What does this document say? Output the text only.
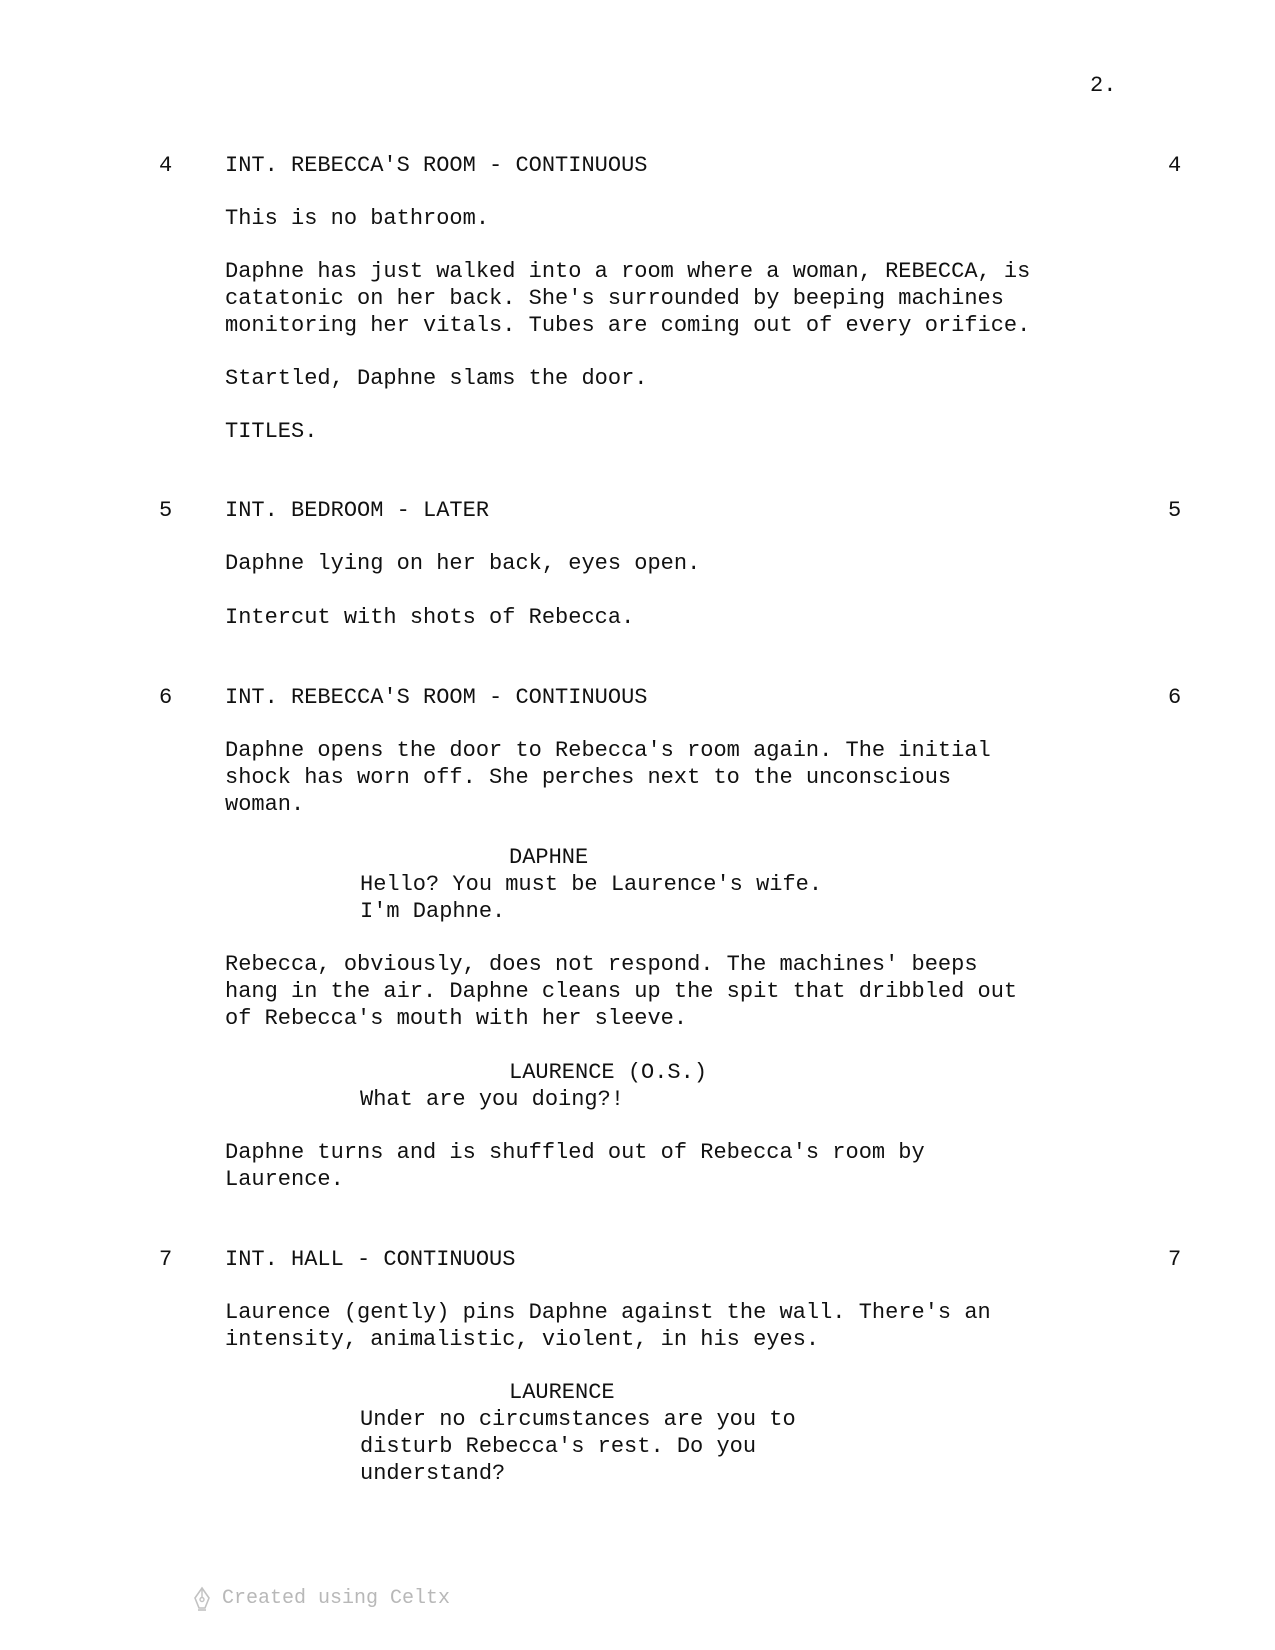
2.
4 INT. REBECCA'S ROOM - CONTINUOUS	4
This is no bathroom.
Daphne has just walked into a room where a woman, REBECCA, is
catatonic on her back. She's surrounded by beeping machines
monitoring her vitals. Tubes are coming out of every orifice.
Startled, Daphne slams the door.
TITLES.
5 INT. BEDROOM - LATER	5
Daphne lying on her back, eyes open.
Intercut with shots of Rebecca.
6 INT. REBECCA'S ROOM - CONTINUOUS	6
Daphne opens the door to Rebecca's room again. The initial
shock has worn off. She perches next to the unconscious
woman.
DAPHNE
Hello? You must be Laurence's wife.
I'm Daphne.
Rebecca, obviously, does not respond. The machines' beeps
hang in the air. Daphne cleans up the spit that dribbled out
of Rebecca's mouth with her sleeve.
LAURENCE (O.S.)
What are you doing?!
Daphne turns and is shuffled out of Rebecca's room by
Laurence.
7 INT. HALL - CONTINUOUS	7
Laurence (gently) pins Daphne against the wall. There's an
intensity, animalistic, violent, in his eyes.
LAURENCE
Under no circumstances are you to
disturb Rebecca's rest. Do you
understand?
Created using Celtx
